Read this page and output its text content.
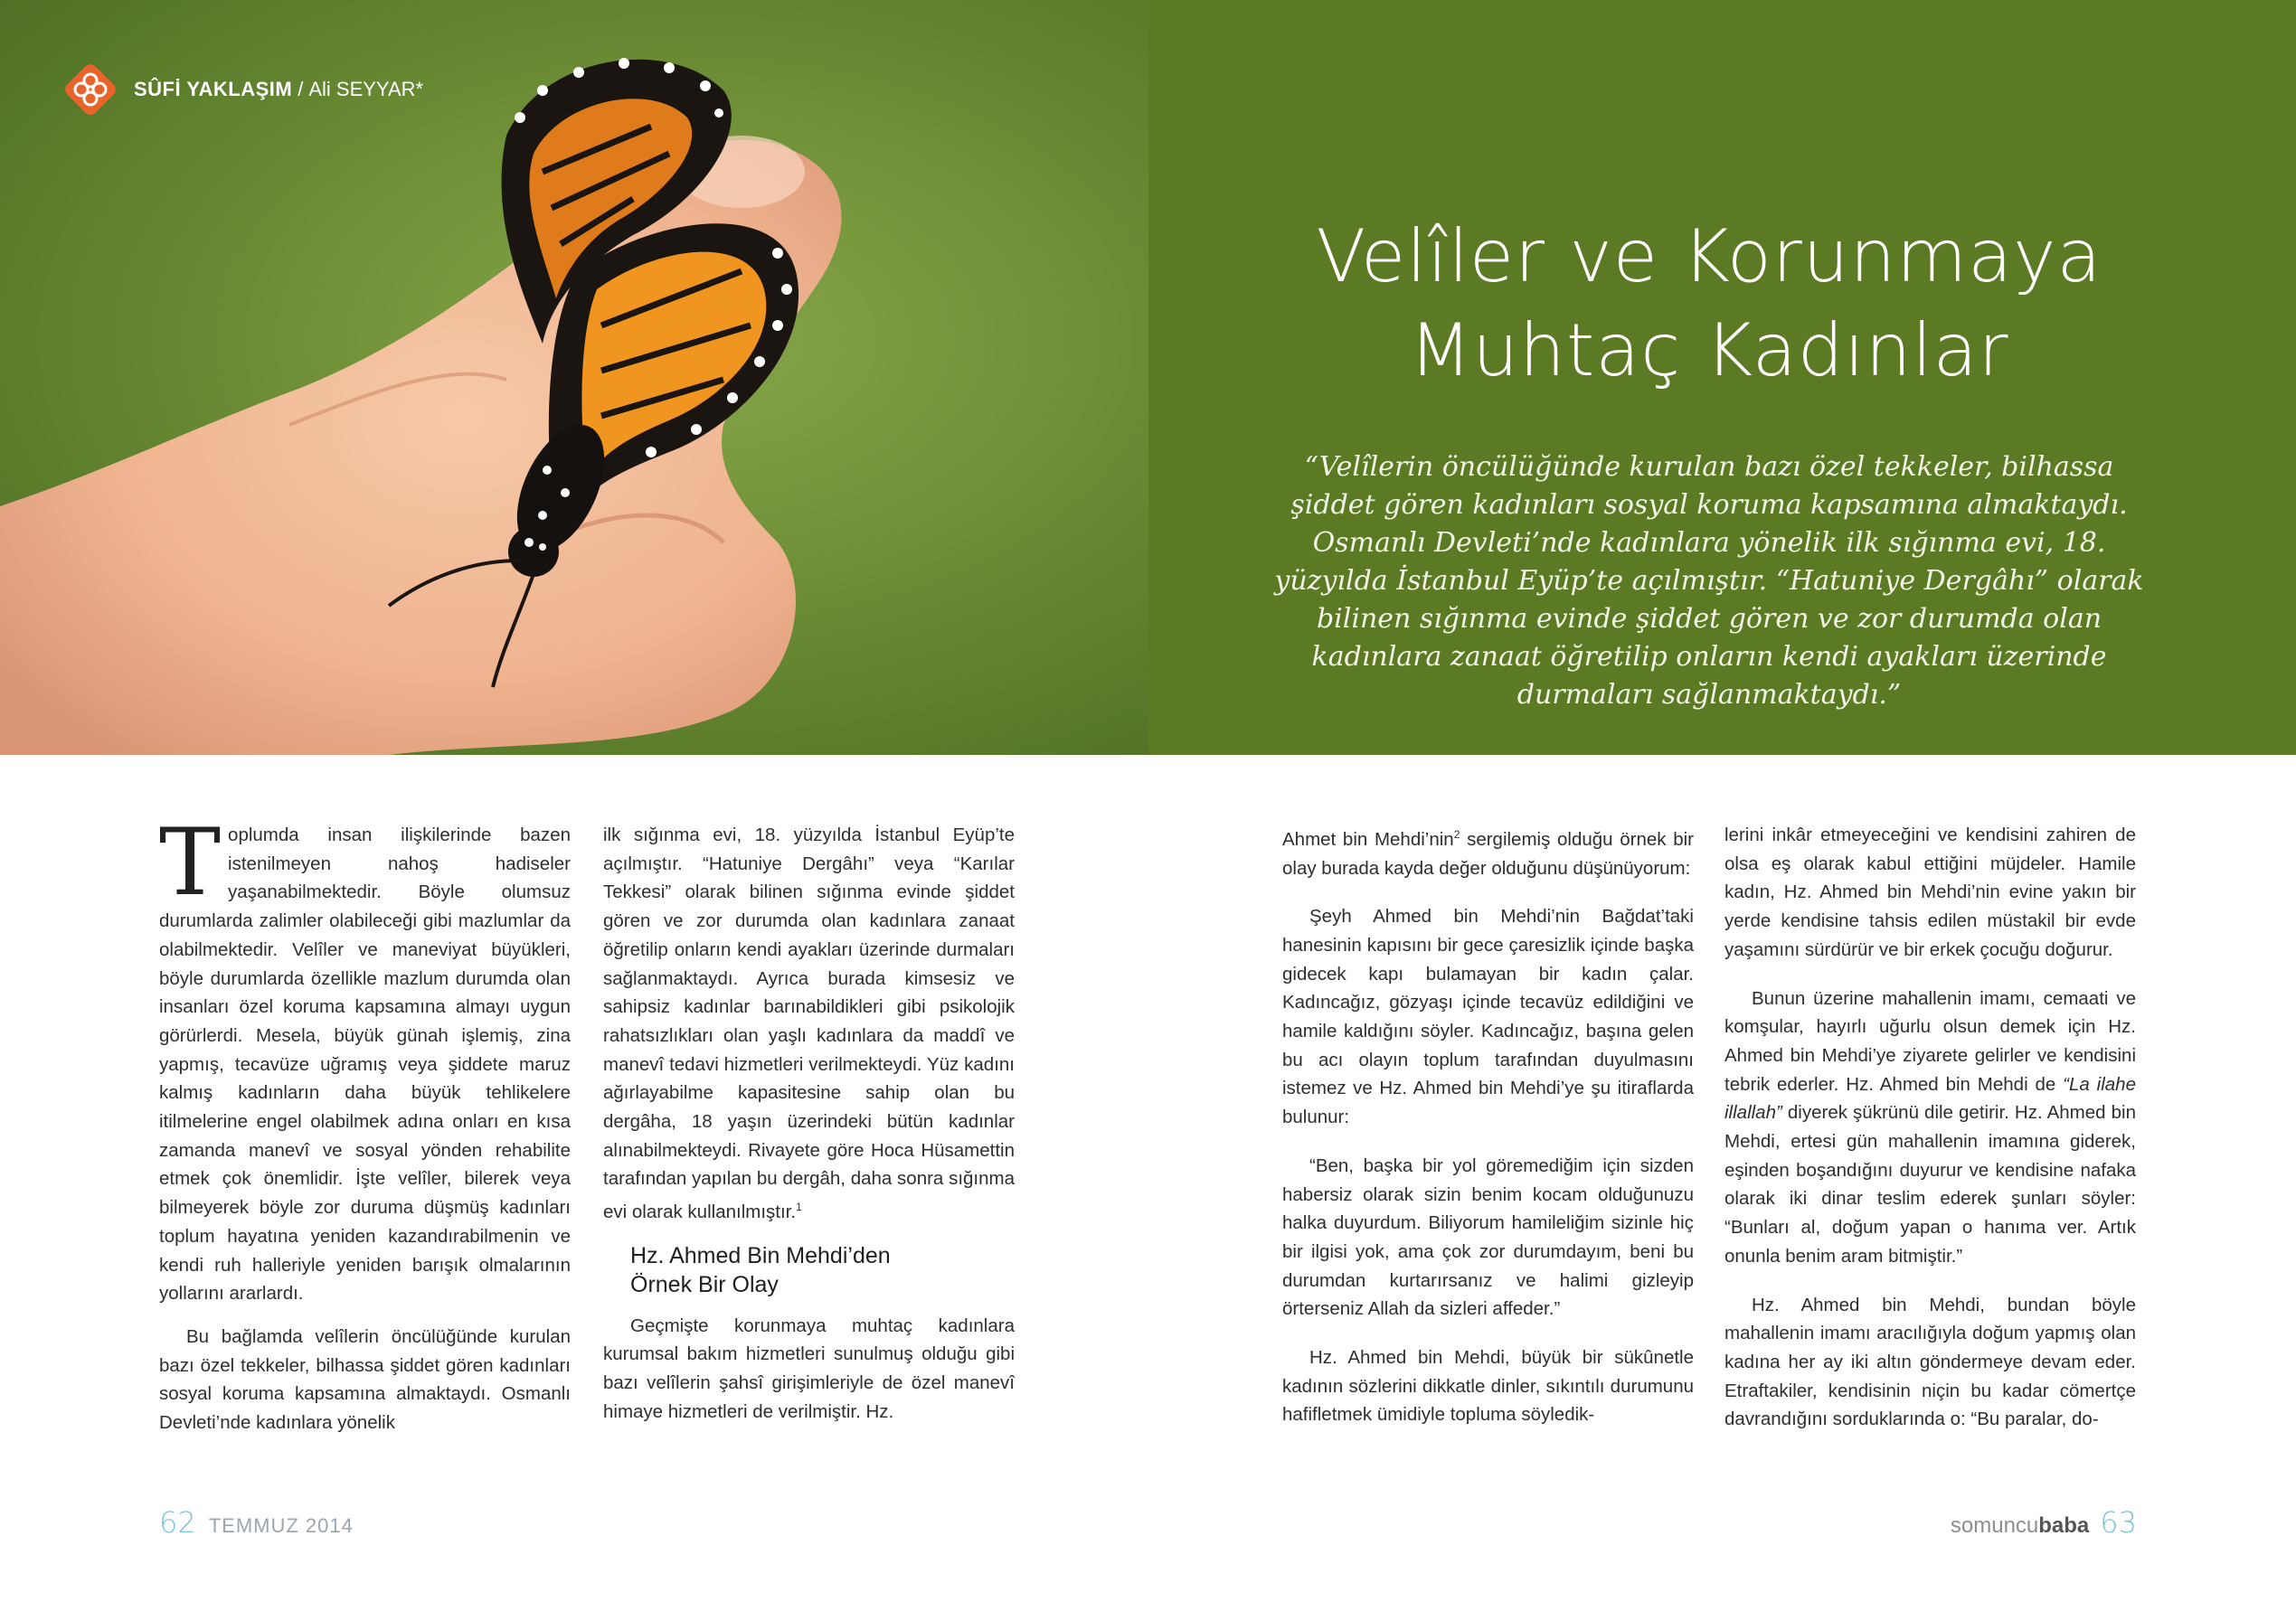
Velîler ve Korunmaya
Muhtaç Kadınlar
“Velîlerin öncülüğünde kurulan bazı özel tekkeler, bilhassa şiddet gören kadınları sosyal koruma kapsamına almaktaydı. Osmanlı Devleti’nde kadınlara yönelik ilk sığınma evi, 18. yüzyılda İstanbul Eyüp’te açılmıştır. “Hatuniye Dergâhı” olarak bilinen sığınma evinde şiddet gören ve zor durumda olan kadınlara zanaat öğretilip onların kendi ayakları üzerinde durmaları sağlanmaktaydı.”
SÛFİ YAKLAŞIM / Ali SEYYAR*

Toplumda insan ilişkilerinde bazen istenilmeyen nahoş hadiseler yaşanabilmektedir. Böyle olumsuz durumlarda zalimler olabileceği gibi mazlumlar da olabilmektedir. Velîler ve maneviyat büyükleri, böyle durumlarda özellikle mazlum durumda olan insanları özel koruma kapsamına almayı uygun görürlerdi. Mesela, büyük günah işlemiş, zina yapmış, tecavüze uğramış veya şiddete maruz kalmış kadınların daha büyük tehlikelere itilmelerine engel olabilmek adına onları en kısa zamanda manevî ve sosyal yönden rehabilite etmek çok önemlidir. İşte velîler, bilerek veya bilmeyerek böyle zor duruma düşmüş kadınları toplum hayatına yeniden kazandırabilmenin ve kendi ruh halleriyle yeniden barışık olmalarının yollarını ararlardı.

Bu bağlamda velîlerin öncülüğünde kurulan bazı özel tekkeler, bilhassa şiddet gören kadınları sosyal koruma kapsamına almaktaydı. Osmanlı Devleti’nde kadınlara yönelik

ilk sığınma evi, 18. yüzyılda İstanbul Eyüp’te açılmıştır. “Hatuniye Dergâhı” veya “Karılar Tekkesi” olarak bilinen sığınma evinde şiddet gören ve zor durumda olan kadınlara zanaat öğretilip onların kendi ayakları üzerinde durmaları sağlanmaktaydı. Ayrıca burada kimsesiz ve sahipsiz kadınlar barınabildikleri gibi psikolojik rahatsızlıkları olan yaşlı kadınlara da maddî ve manevî tedavi hizmetleri verilmekteydi. Yüz kadını ağırlayabilme kapasitesine sahip olan bu dergâha, 18 yaşın üzerindeki bütün kadınlar alınabilmekteydi. Rivayete göre Hoca Hüsamettin tarafından yapılan bu dergâh, daha sonra sığınma evi olarak kullanılmıştır.$^1$

Hz. Ahmed Bin Mehdi’den
Örnek Bir Olay

Geçmişte korunmaya muhtaç kadınlara kurumsal bakım hizmetleri sunulmuş olduğu gibi bazı velîlerin şahsî girişimleriyle de özel manevî himaye hizmetleri de verilmiştir. Hz.

Ahmet bin Mehdi’nin$^2$ sergilemiş olduğu örnek bir olay burada kayda değer olduğunu düşünüyorum:

Şeyh Ahmed bin Mehdi’nin Bağdat’taki hanesinin kapısını bir gece çaresizlik içinde başka gidecek kapı bulamayan bir kadın çalar. Kadıncağız, gözyaşı içinde tecavüz edildiğini ve hamile kaldığını söyler. Kadıncağız, başına gelen bu acı olayın toplum tarafından duyulmasını istemez ve Hz. Ahmed bin Mehdi’ye şu itiraflarda bulunur:

“Ben, başka bir yol göremediğim için sizden habersiz olarak sizin benim kocam olduğunuzu halka duyurdum. Biliyorum hamileliğim sizinle hiç bir ilgisi yok, ama çok zor durumdayım, beni bu durumdan kurtarırsanız ve halimi gizleyip örterseniz Allah da sizleri affeder.”

Hz. Ahmed bin Mehdi, büyük bir sükûnetle kadının sözlerini dikkatle dinler, sıkıntılı durumunu hafifletmek ümidiyle topluma söyledik-

lerini inkâr etmeyeceğini ve kendisini zahiren de olsa eş olarak kabul ettiğini müjdeler. Hamile kadın, Hz. Ahmed bin Mehdi’nin evine yakın bir yerde kendisine tahsis edilen müstakil bir evde yaşamını sürdürür ve bir erkek çocuğu doğurur.

Bunun üzerine mahallenin imamı, cemaati ve komşular, hayırlı uğurlu olsun demek için Hz. Ahmed bin Mehdi’ye ziyarete gelirler ve kendisini tebrik ederler. Hz. Ahmed bin Mehdi de “La ilahe illallah” diyerek şükrünü dile getirir. Hz. Ahmed bin Mehdi, ertesi gün mahallenin imamına giderek, eşinden boşandığını duyurur ve kendisine nafaka olarak iki dinar teslim ederek şunları söyler: “Bunları al, doğum yapan o hanıma ver. Artık onunla benim aram bitmiştir.”

Hz. Ahmed bin Mehdi, bundan böyle mahallenin imamı aracılığıyla doğum yapmış olan kadına her ay iki altın göndermeye devam eder. Etraftakiler, kendisinin niçin bu kadar cömertçe davrandığını sorduklarında o: “Bu paralar, do-

62 TEMMUZ 2014	somuncu baba 63
